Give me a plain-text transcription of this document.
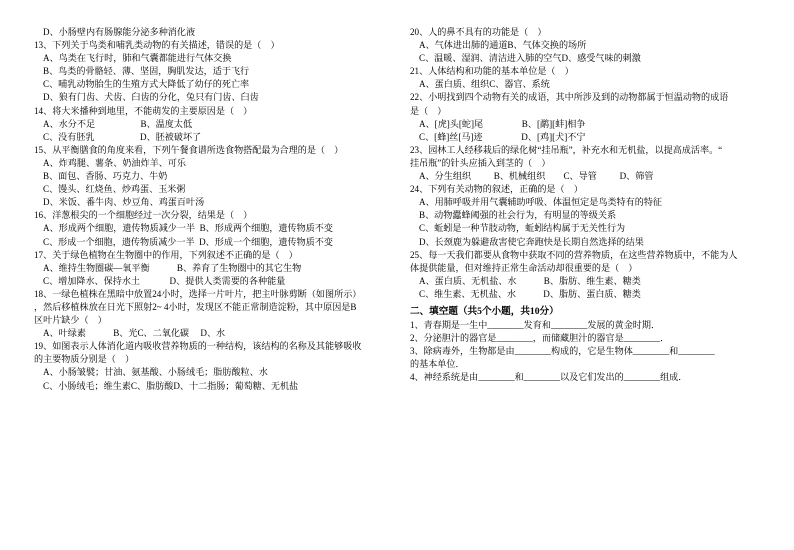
D、小肠壁内有肠腺能分泌多种消化液
13、下列关于鸟类和哺乳类动物的有关描述，错误的是（    ）
A、鸟类在飞行时，肺和气囊都能进行气体交换
B、鸟类的骨骼轻、薄、坚固，胸肌发达，适于飞行
C、哺乳动物胎生的生殖方式大降低了幼仔的死亡率
D、狼有门齿、犬齿、臼齿的分化，兔只有门齿、臼齿
14、将大米播种到地里，不能萌发的主要原因是（    ）
A、水分不足                    B、温度太低
C、没有胚乳                    D、胚被破坏了
15、从平衡膳食的角度来看，下列午餐食谱所选食物搭配最为合理的是（    ）
A、炸鸡腿、薯条、奶油炸羊、可乐
B、面包、香肠、巧克力、牛奶
C、馒头、红烧鱼、炒鸡蛋、玉米粥
D、米饭、番牛肉、炒豆角、鸡蛋百叶汤
16、洋葱根尖的一个细胞经过一次分裂，结果是（    ）
A、形成两个细胞，遗传物质减少一半  B、形成两个细胞，遗传物质不变
C、形成一个细胞，遗传物质减少一半  D、形成一个细胞，遗传物质不变
17、关于绿色植物在生物圈中的作用，下列叙述不正确的是（    ）
A、维持生物圈碳—氧平衡            B、养育了生物圈中的其它生物
C、增加降水、保持水土             D、提供人类需要的各种能量
18、一绿色植株在黑暗中放置24小时，选择一片叶片，把主叶脉剪断（如图所示）
，然后移植株放在日光下照射2~ 4小时，发现区不能正常制造淀粉，其中原因是B
区叶片缺少（    ）
A、叶绿素            B、光C、二氧化碳     D、水
19、如图表示人体消化道内吸收营养物质的一种结构，该结构的名称及其能够吸收
的主要物质分别是（    ）
A、小肠皱襞；甘油、氨基酸、小肠绒毛；脂肪酸粒、水
C、小肠绒毛；维生素C、脂肪酸D、十二指肠；葡萄糖、无机盐
20、人的鼻不具有的功能是（    ）
A、气体进出肺的通道B、气体交换的场所
C、温暖、湿润、清洁进入肺的空气D、感受气味的刺激
21、人体结构和功能的基本单位是（    ）
A、蛋白质、组织C、器官、系统
22、小明找到四个动物有关的成语，其中所涉及到的动物都属于恒温动物的成语
是（    ）
A、[虎]头[蛇]尾                 B、[鹬][蚌]相争
C、[蜂]丝[马]迹                 D、[鸡][犬]不宁
23、园林工人经移栽后的绿化树“挂吊瓶”，补充水和无机盐，以提高成活率。“
挂吊瓶”的针头应插入到茎的（    ）
A、分生组织          B、机械组织        C、导管          D、筛管
24、下列有关动物的叙述，正确的是（    ）
A、用肺呼吸并用气囊辅助呼吸、体温恒定是鸟类特有的特征
B、动物蠹蜂阈强的社会行为，有明显的等级关系
C、蚯蚓是一种节肢动物，蚯蚓结构属于无关性行为
D、长颈鹿为躲避敌害使它奔跑快是长期自然选择的结果
25、每一天我们都要从食物中获取不同的营养物质，在这些营养物质中，不能为人
体提供能量，但对维持正常生命活动却很重要的是（    ）
A、蛋白质、无机盐、水            B、脂肪、维生素、糖类
C、维生素、无机盐、水            D、脂肪、蛋白质、糖类
二、填空题（共5个小题，共10分）
1、青春期是一生中________发育和________发展的黄金时期．
2、分泌胆汁的器官是________，而储藏胆汁的器官是________．
3、除病毒外，生物都是由________构成的，它是生物体________和________
的基本单位．
4、神经系统是由________和________以及它们发出的________组成．
